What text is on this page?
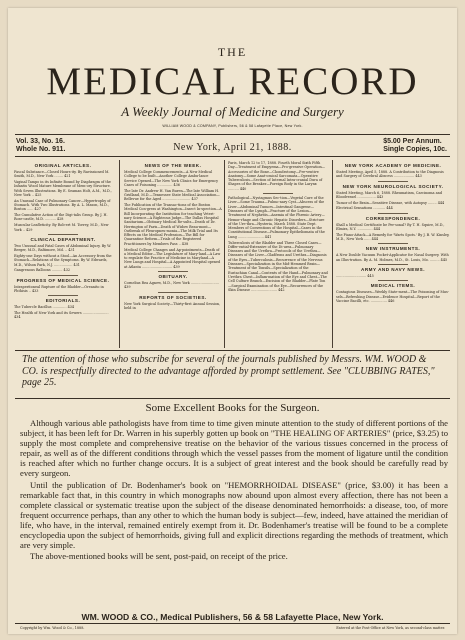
THE
MEDICAL RECORD
A Weekly Journal of Medicine and Surgery
WILLIAM WOOD & COMPANY, Publishers, 56 & 58 Lafayette Place, New York.
Vol. 33, No. 16.
Whole No. 911.	New York, April 21, 1888.
$5.00 Per Annum.
Single Copies, 10c.
ORIGINAL ARTICLES.
Fascal Substance—Closed Hours-ity. By Ravissioned M. Smith, M.D., New York ........ 421
Vaginal Tampo in its Infinite Bound by Diaphragm of the Infantis Wood Mature Membrane of Mem-ory Structure. With Seven Illustrations. By E. Seaman Holt, A.M., M.D., New York .. 425
An Unusual Case of Pulmonary Cancer—Hypertrophy of Stomach. With Two Illustrations. By A. L. Mason, M.D., Boston ...... 427
The Cumulative Action of the Digi-talis Group. By J. H. Rose-castle, M.D. .......... 428
Muscular Leafleticity. By Rob-ert M. Torrey, M.D., New York .. 429
CLINICAL DEPARTMENT.
Two Unusual and Fatal Cases of Abdominal Injury. By W. Berger, M.D., Baltimore, Md. .. 431
Eighty-one Days without a Stool—An Accessory from the Stomach—Relations of the Symptoms. By W. Edwards, M.D., Wilson Park, N.J. ................. 431
Gangrenous Balloons .......... 432
PROGRESS OF MEDICAL SCIENCE.
Intraperitoneal Rupture of the Bladder—Oreanito in Phthisis .. 433
EDITORIALS.
The Tubercle Bacillus ............. 434
The Health of New York and its Sewers ........................ 434
NEWS OF THE WEEK.
Medical College Commencements—A New Medical College to be built—Another College Ambu-lance Service Opened—The New York Clinics for Emergency Cases of Poisoning .............. 436
The late Dr. Andrew H. Van Buren—The late William H. Gridland, M.D.—Tennessee State Medical Association—Bellevue for the Aged .......................... 437
The Publication of the Transac-tions of the Boston Medical Con-gress at Washington—Insect In-spection—A Bill Incorporating the Institution for teaching Veteri-nary Science—A Righteous Judge—The Dallas Hospital Sanitarium—Obituary Medical Re-sults—Death of Dr. Herrington of Paris—Death of Widow Beau-mont—Outbreak of Pleuropneu-monia—The Milk Trial and Its Effects on the Medical Profession—The Bill for Quarantine Reform—Trials of the Registered Practitioners by Members Pass .. 438
Medical College Changes and Ap-pointments—Death of a Medical Editor—The Legislature of Mary-land—A Law to regulate the Practice of Medicine in Maryland—A New Lungs and Hospital—A Appointed Hospital opened at Atlanta ............................ 439
OBITUARY.
Cornelius Rea Agnew, M.D., New York .......................... 439
REPORTS OF SOCIETIES.
New York Surgical Society—Thirty-first Annual Session, held in
Paris, March 12 to 17, 1888. Fourth Moral Sixth Fifth Day—Treatment of Empyema—Pro-gressive Operation—Accessories of the Bone—Chondrotomy—Pre-ventive Anatomy—Some Anat-omical Sarcomata—Operative Tuberculosis—Section of Internal Intra-cranial Dura of Shapes of the Breaker—Foreign Body in the Larynx .......... 440
Pathological—Nystagmus Sec-tion—Vegetal Cure of the Liver—Some Trauma—Pulmo-nary Cyst—Abscess of the Liver—Abdominal Tumors—Intestinal Gangrene—Diseases of the Lymph—Fracture of the Lesion—Treatment of Nephritis—Anemia of the Phrenic Artery—Hemor-rhage and Chronic Hepatic Disorders—Stricture of the Ure-thra—Hysteria, March 1888. State Dept. Members of Conventions of the Hospital—Cases in the Constitutional Disease—Pulmonary Epitheliomata of the Lung ........................ 441
Tuberculosis of the Bladder and Three Closed Cases—Differ-ential-Extensive of the Di-urea—Pulmonary Diseases and the Urethra—Protocols of the Urethra—Diseases of the Liver—Gladfrons and Urethra—Diagnosis of the Eyes—Tuberculosis—Recurrence of the Nervous Diseases—Specialization in the Mid-Hemmed Brain—Treatment of the Tonsils—Specialization of the Eustachian Canal—Contents of the Hand—Pulmonary and Urethra Chest—Inflam-mation of the Eye and Chest—The Cell Culture Branch—Excision of the Bladder—Plate Ton—Surgical Examination of the Eye—Recurrences of the Skin Disease ........................ 442
NEW YORK ACADEMY OF MEDICINE.
Stated Meeting, April 5, 1888. A Contribution to the Diagnosis and Surgery of Cerebral Abscess ................... 443
NEW YORK NEUROLOGICAL SOCIETY.
Stated Meeting, March 6, 1888. Rheumatism, Carcinoma and Bloodvessel ................. 443
Tumor of the Brain—Sensitive Disease, with Autopsy ........ 444
Electrical Sensations ........... 444
CORRESPONDENCE.
Shall a Medical Certificate be Per-sonal? By T. H. Squire, M.D., Elmira, N.Y. .............. 444
The Piano-Attack—A Remedy for 'Warts Spots.' By J. B. W. Kinsley, M.D., New York ...... 444
NEW INSTRUMENTS.
A New Double Vacuum Pocket-Applicator for Nasal Surgery. With an Illus-tration. By A. M. Holmes, M.D., St. Louis, Mo. ......... 445
ARMY AND NAVY NEWS.
............................ 445
MEDICAL ITEMS.
Contagious Diseases—Weekly State-ment—The Poisoning of Mus-sels—Refreshing Disease—Evidence Hospital—Report of the Vaccine Bacilli, etc. ............... 446
The attention of those who subscribe for several of the journals published by Messrs. WM. WOOD & CO. is respectfully directed to the advantage afforded by prompt settlement. See "CLUBBING RATES," page 25.
Some Excellent Books for the Surgeon.

Although various able pathologists have from time to time given minute attention to the study of different portions of the subject, it has been left for Dr. Warren in his superbly gotten up book on "THE HEALING OF ARTERIES" (price, $3.25) to supply the most complete and comprehensive treatise on the behavior of the various tissues concerned in the process of repair, as well as of the different conditions through which the vessel passes from the moment of ligature until the condition is reached after which no further change occurs. It is a subject of great interest and the book should be carefully read by every surgeon.

Until the publication of Dr. Bodenhamer's book on "HEMORRHOIDAL DISEASE" (price, $3.00) it has been a remarkable fact that, in this country in which monographs now abound upon almost every affection, there has not been a complete classical or systematic treatise upon the subject of the disease denominated hemorrhoids: a disease, too, of more frequent occurrence perhaps, than any other to which the human body is subject—few, indeed, have attained the meridian of life, who have, in the interval, remained entirely exempt from it. Dr. Bodenhamer's treatise will be found to be a complete encyclopedia upon the subject of hemorrhoids, giving full and explicit directions regarding the methods of treatment, which are very simple.

The above-mentioned books will be sent, post-paid, on receipt of the price.

WM. WOOD & CO., Medical Publishers, 56 & 58 Lafayette Place, New York.
Copyright by Wm. Wood & Co., 1888.	Entered at the Post-Office at New York, as second-class matter.
